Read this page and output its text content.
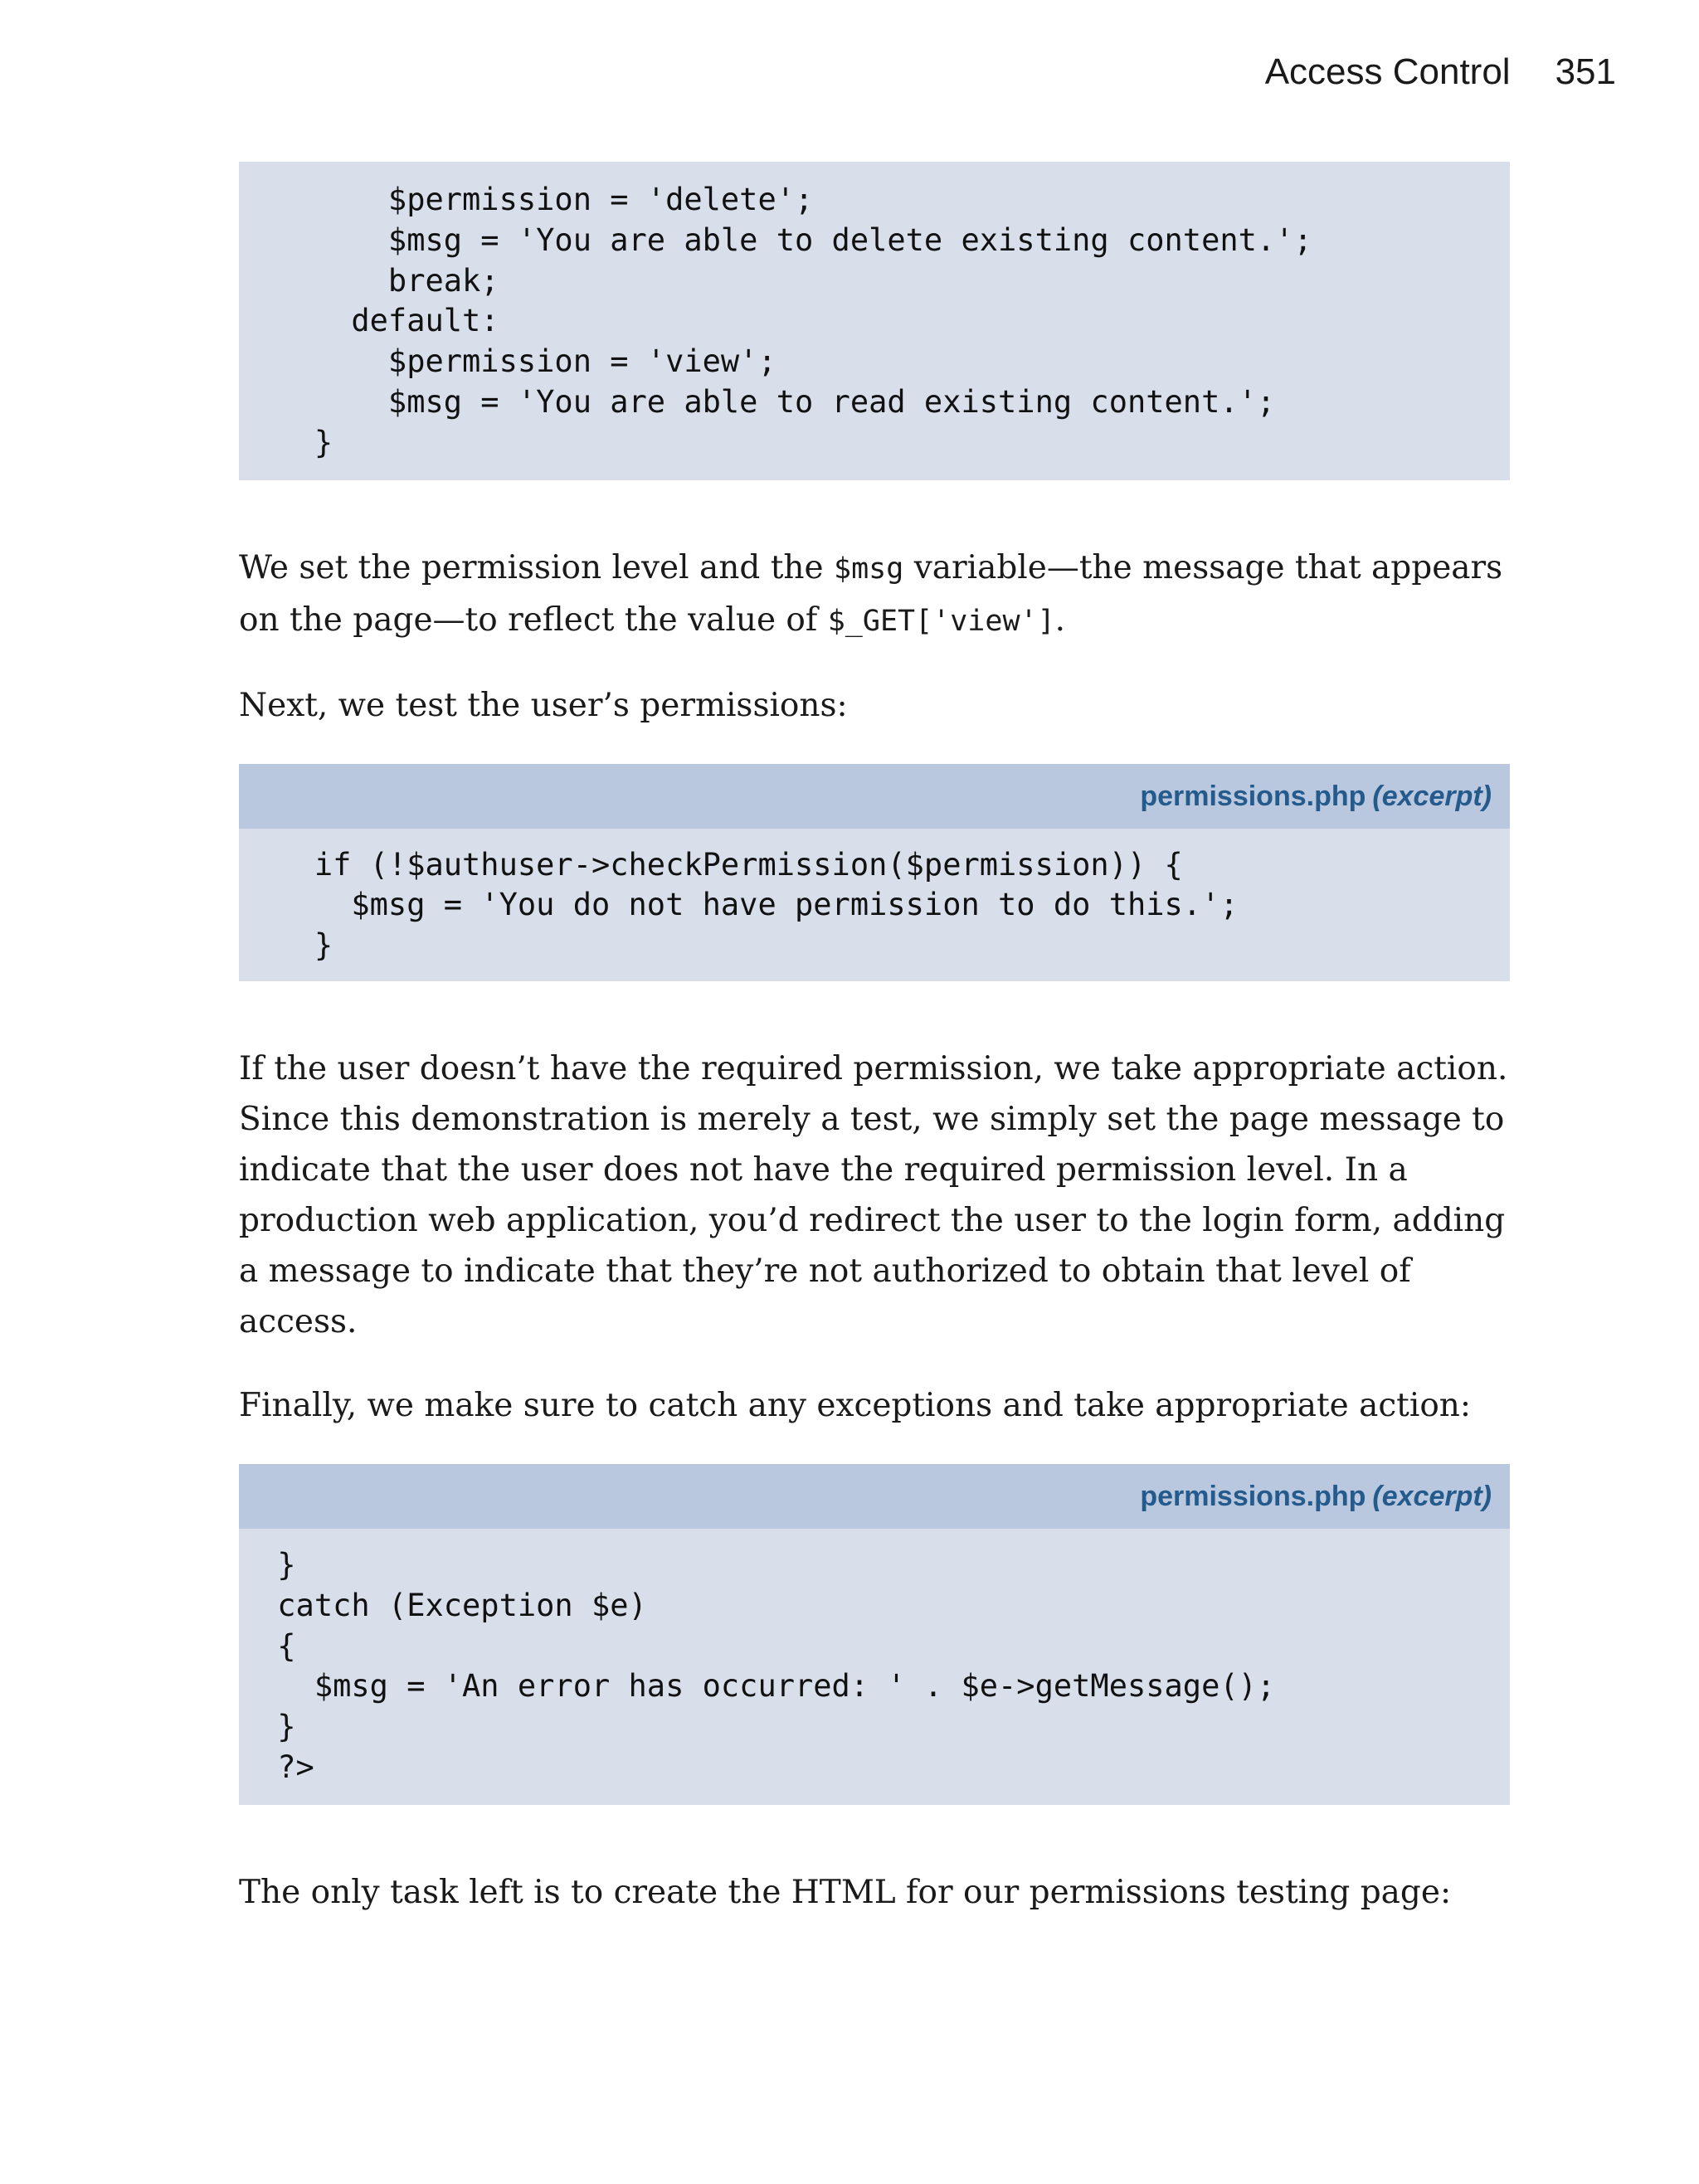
Access Control 351
$permission = 'delete';
$msg = 'You are able to delete existing content.';
break;
default:
$permission = 'view';
$msg = 'You are able to read existing content.';
}

We set the permission level and the $msg variable—the message that appears on the page—to reflect the value of $_GET['view'].

Next, we test the user’s permissions:

permissions.php (excerpt)
if (!$authuser->checkPermission($permission)) {
$msg = 'You do not have permission to do this.';
}

If the user doesn’t have the required permission, we take appropriate action. Since this demonstration is merely a test, we simply set the page message to indicate that the user does not have the required permission level. In a production web application, you’d redirect the user to the login form, adding a message to indicate that they’re not authorized to obtain that level of access.

Finally, we make sure to catch any exceptions and take appropriate action:

permissions.php (excerpt)
}
catch (Exception $e)
{
$msg = 'An error has occurred: ' . $e->getMessage();
}
?>

The only task left is to create the HTML for our permissions testing page:
